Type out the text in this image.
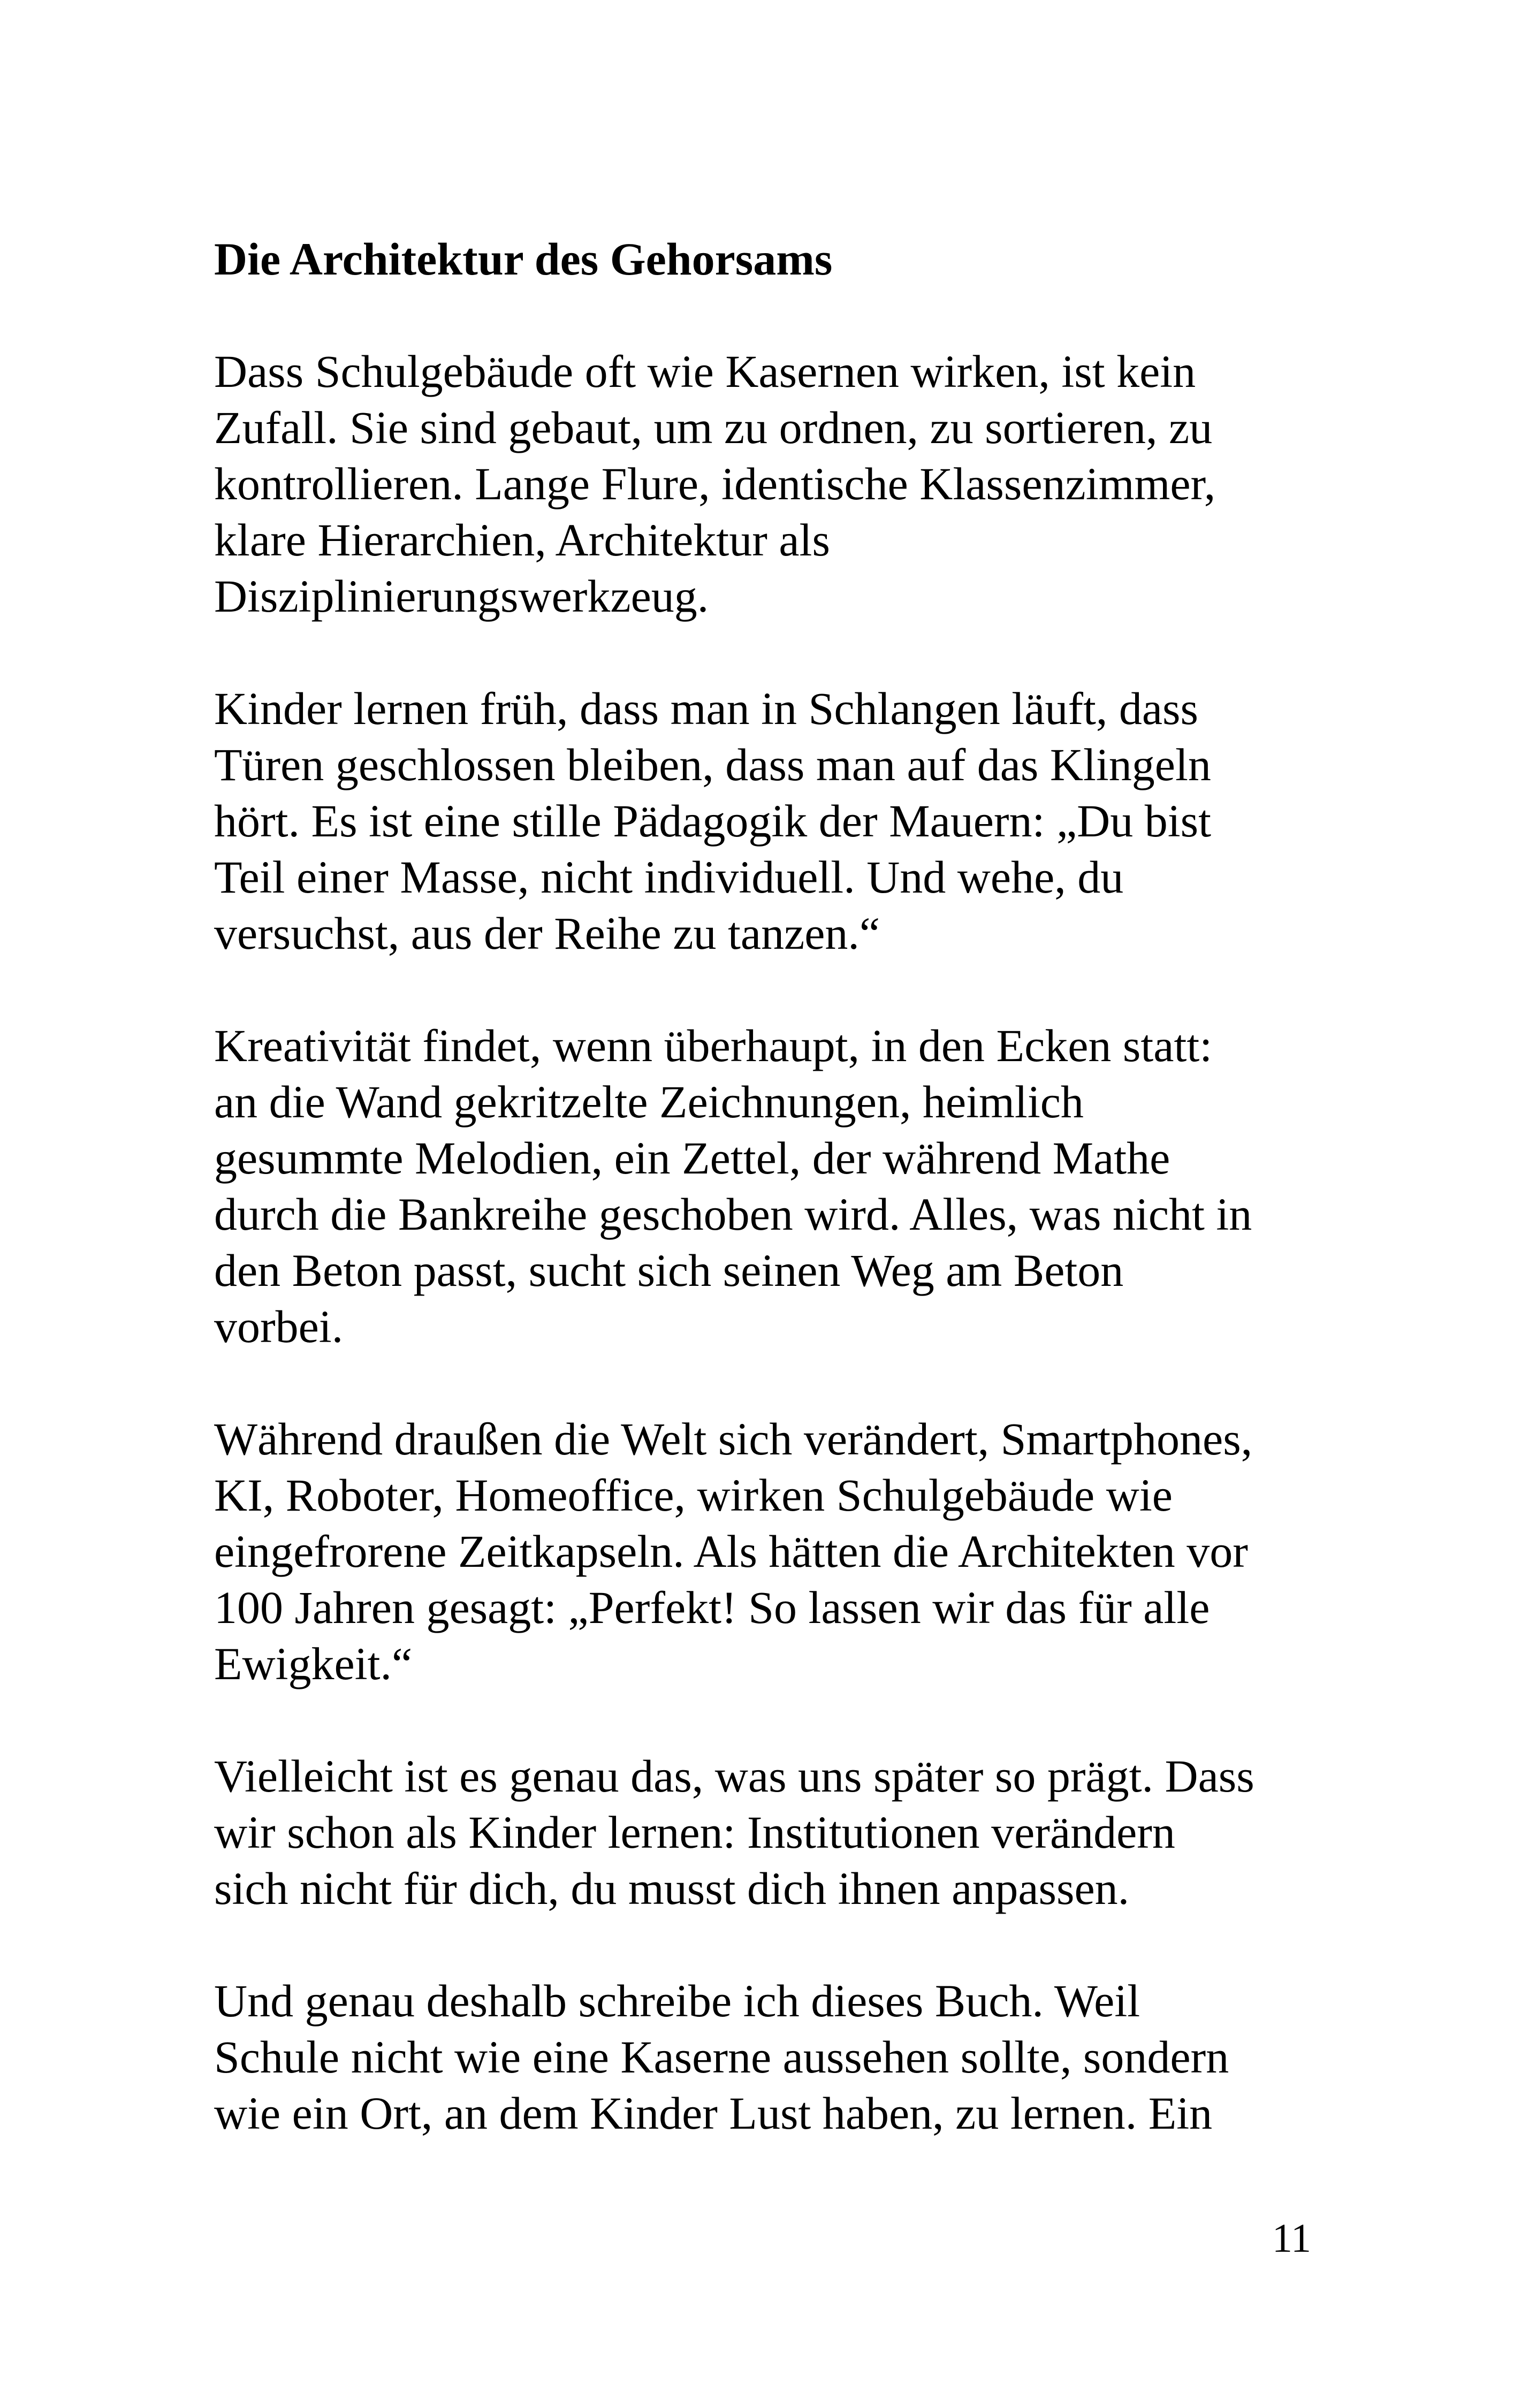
Die Architektur des Gehorsams

Dass Schulgebäude oft wie Kasernen wirken, ist kein
Zufall. Sie sind gebaut, um zu ordnen, zu sortieren, zu
kontrollieren. Lange Flure, identische Klassenzimmer,
klare Hierarchien, Architektur als
Disziplinierungswerkzeug.

Kinder lernen früh, dass man in Schlangen läuft, dass
Türen geschlossen bleiben, dass man auf das Klingeln
hört. Es ist eine stille Pädagogik der Mauern: „Du bist
Teil einer Masse, nicht individuell. Und wehe, du
versuchst, aus der Reihe zu tanzen.“

Kreativität findet, wenn überhaupt, in den Ecken statt:
an die Wand gekritzelte Zeichnungen, heimlich
gesummte Melodien, ein Zettel, der während Mathe
durch die Bankreihe geschoben wird. Alles, was nicht in
den Beton passt, sucht sich seinen Weg am Beton
vorbei.

Während draußen die Welt sich verändert, Smartphones,
KI, Roboter, Homeoffice, wirken Schulgebäude wie
eingefrorene Zeitkapseln. Als hätten die Architekten vor
100 Jahren gesagt: „Perfekt! So lassen wir das für alle
Ewigkeit.“

Vielleicht ist es genau das, was uns später so prägt. Dass
wir schon als Kinder lernen: Institutionen verändern
sich nicht für dich, du musst dich ihnen anpassen.

Und genau deshalb schreibe ich dieses Buch. Weil
Schule nicht wie eine Kaserne aussehen sollte, sondern
wie ein Ort, an dem Kinder Lust haben, zu lernen. Ein

11
